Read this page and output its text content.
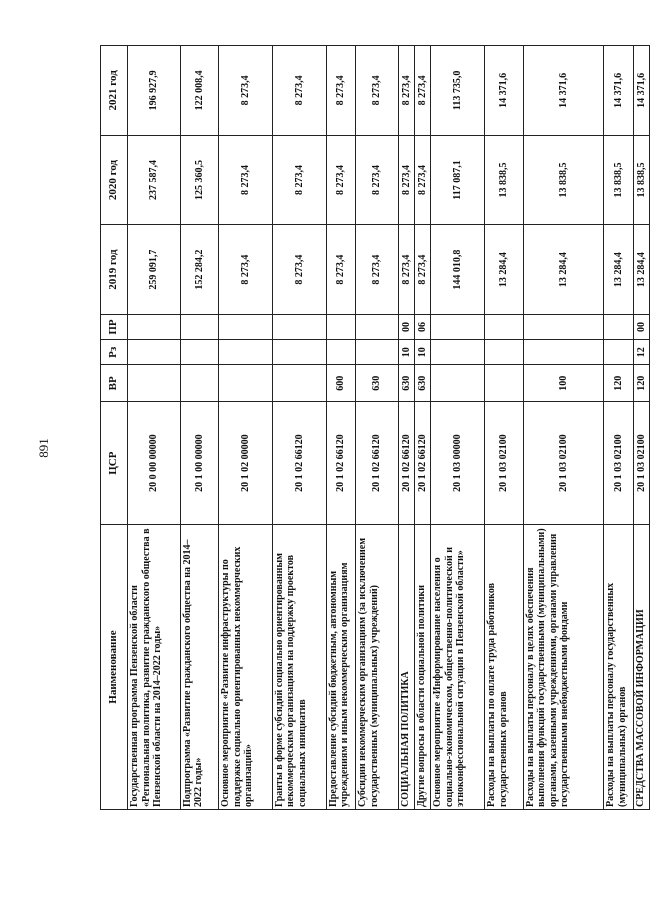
891
Наименование	ЦСР	ВР	Рз	ПР	2019 год	2020 год	2021 год
Государственная программа Пензенской области «Региональная политика, развитие гражданского общества в Пензенской области на 2014–2022 годы»	20 0 00 00000				259 091,7	237 587,4	196 927,9
Подпрограмма «Развитие гражданского общества на 2014–2022 годы»	20 1 00 00000				152 284,2	125 360,5	122 008,4
Основное мероприятие «Развитие инфраструктуры по поддержке социально ориентированных некоммерческих организаций»	20 1 02 00000				8 273,4	8 273,4	8 273,4
Гранты в форме субсидий социально ориентированным некоммерческим организациям на поддержку проектов социальных инициатив	20 1 02 66120				8 273,4	8 273,4	8 273,4
Предоставление субсидий бюджетным, автономным учреждениям и иным некоммерческим организациям	20 1 02 66120	600			8 273,4	8 273,4	8 273,4
Субсидии некоммерческим организациям (за исключением государственных (муниципальных) учреждений)	20 1 02 66120	630			8 273,4	8 273,4	8 273,4
СОЦИАЛЬНАЯ ПОЛИТИКА	20 1 02 66120	630	10	00	8 273,4	8 273,4	8 273,4
Другие вопросы в области социальной политики	20 1 02 66120	630	10	06	8 273,4	8 273,4	8 273,4
Основное мероприятие «Информирование населения о социально-экономическом, общественно-политической и этноконфессиональной ситуации в Пензенской области»	20 1 03 00000				144 010,8	117 087,1	113 735,0
Расходы на выплаты по оплате труда работников государственных органов	20 1 03 02100				13 284,4	13 838,5	14 371,6
Расходы на выплаты персоналу в целях обеспечения выполнения функций государственными (муниципальными) органами, казенными учреждениями, органами управления государственными внебюджетными фондами	20 1 03 02100	100			13 284,4	13 838,5	14 371,6
Расходы на выплаты персоналу государственных (муниципальных) органов	20 1 03 02100	120			13 284,4	13 838,5	14 371,6
СРЕДСТВА МАССОВОЙ ИНФОРМАЦИИ	20 1 03 02100	120	12	00	13 284,4	13 838,5	14 371,6
